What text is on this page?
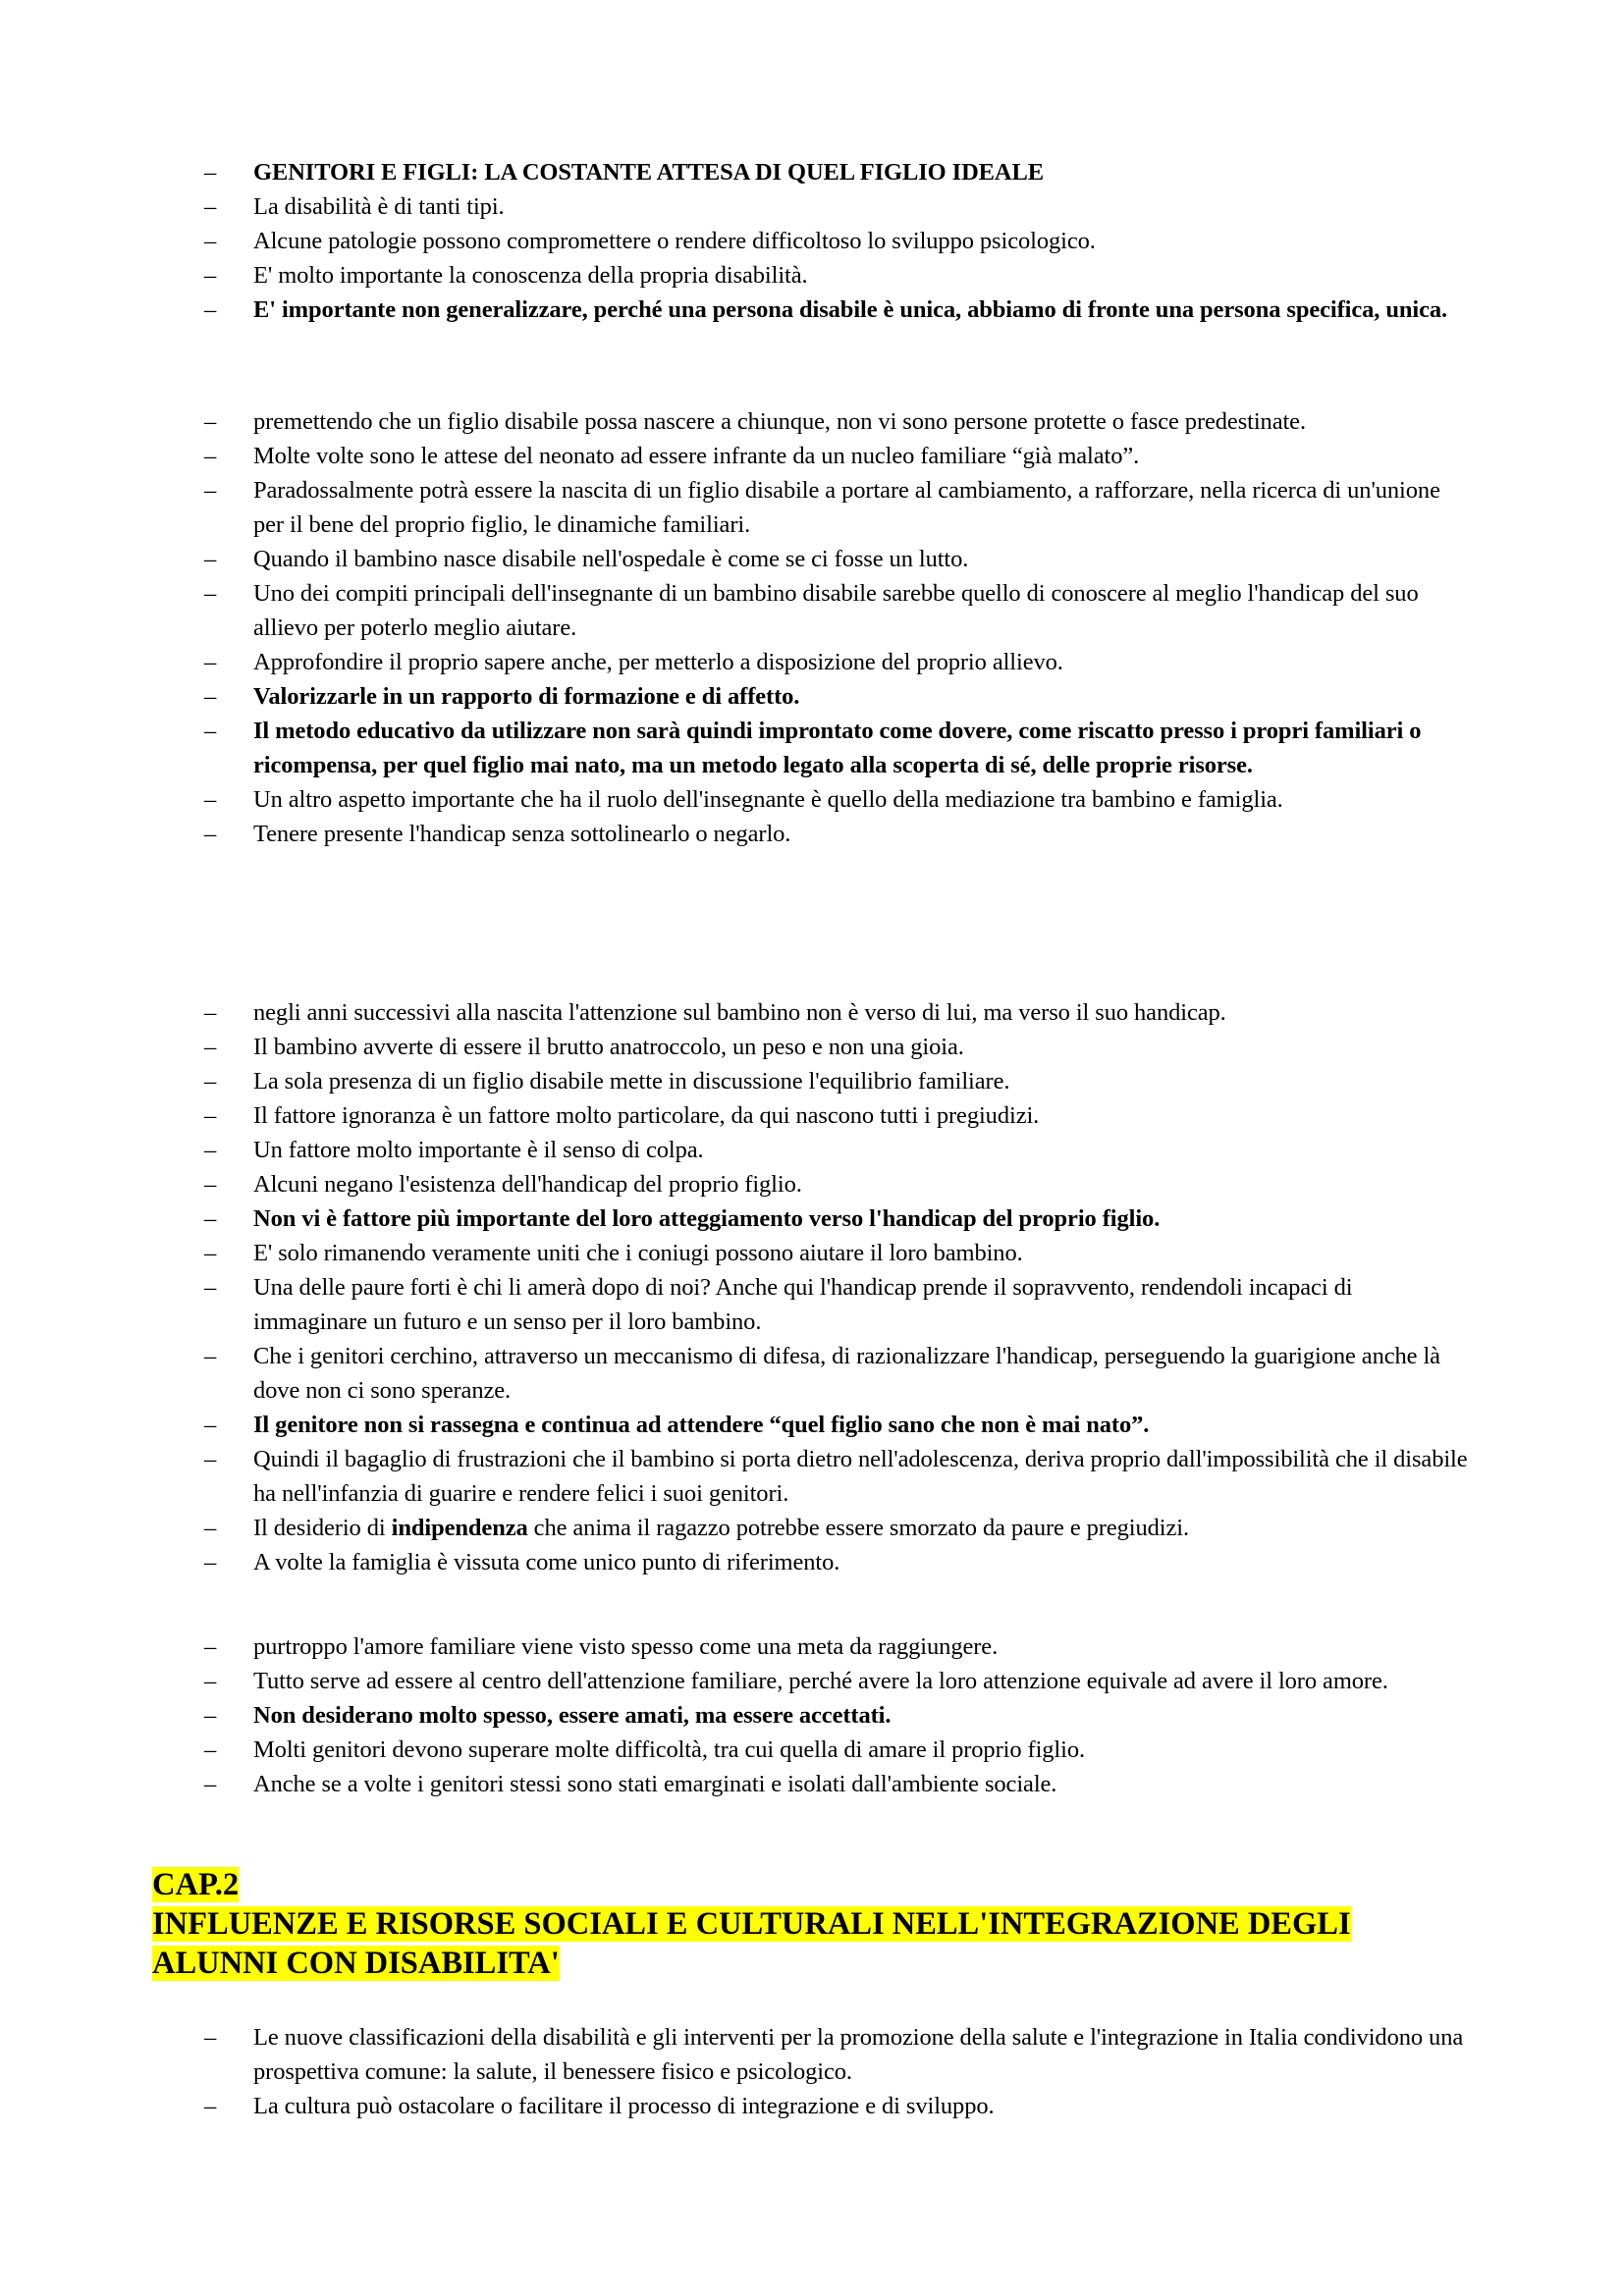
–	GENITORI E FIGLI: LA COSTANTE ATTESA DI QUEL FIGLIO IDEALE
–	La disabilità è di tanti tipi.
–	Alcune patologie possono compromettere o rendere difficoltoso lo sviluppo psicologico.
–	E' molto importante la conoscenza della propria disabilità.
–	E' importante non generalizzare, perché una persona disabile è unica, abbiamo di fronte una persona specifica, unica.
–	premettendo che un figlio disabile possa nascere a chiunque, non vi sono persone protette o fasce predestinate.
–	Molte volte sono le attese del neonato ad essere infrante da un nucleo familiare “già malato”.
–	Paradossalmente potrà essere la nascita di un figlio disabile a portare al cambiamento, a rafforzare, nella ricerca di un'unione per il bene del proprio figlio, le dinamiche familiari.
–	Quando il bambino nasce disabile nell'ospedale è come se ci fosse un lutto.
–	Uno dei compiti principali dell'insegnante di un bambino disabile sarebbe quello di conoscere al meglio l'handicap del suo allievo per poterlo meglio aiutare.
–	Approfondire il proprio sapere anche, per metterlo a disposizione del proprio allievo.
–	Valorizzarle in un rapporto di formazione e di affetto.
–	Il metodo educativo da utilizzare non sarà quindi improntato come dovere, come riscatto presso i propri familiari o ricompensa, per quel figlio mai nato, ma un metodo legato alla scoperta di sé, delle proprie risorse.
–	Un altro aspetto importante che ha il ruolo dell'insegnante è quello della mediazione tra bambino e famiglia.
–	Tenere presente l'handicap senza sottolinearlo o negarlo.
–	negli anni successivi alla nascita l'attenzione sul bambino non è verso di lui, ma verso il suo handicap.
–	Il bambino avverte di essere il brutto anatroccolo, un peso e non una gioia.
–	La sola presenza di un figlio disabile mette in discussione l'equilibrio familiare.
–	Il fattore ignoranza è un fattore molto particolare, da qui nascono tutti i pregiudizi.
–	Un fattore molto importante è il senso di colpa.
–	Alcuni negano l'esistenza dell'handicap del proprio figlio.
–	Non vi è fattore più importante del loro atteggiamento verso l'handicap del proprio figlio.
–	E' solo rimanendo veramente uniti che i coniugi possono aiutare il loro bambino.
–	Una delle paure forti è chi li amerà dopo di noi? Anche qui l'handicap prende il sopravvento, rendendoli incapaci di immaginare un futuro e un senso per il loro bambino.
–	Che i genitori cerchino, attraverso un meccanismo di difesa, di razionalizzare l'handicap, perseguendo la guarigione anche là dove non ci sono speranze.
–	Il genitore non si rassegna e continua ad attendere “quel figlio sano che non è mai nato”.
–	Quindi il bagaglio di frustrazioni che il bambino si porta dietro nell'adolescenza, deriva proprio dall'impossibilità che il disabile ha nell'infanzia di guarire e rendere felici i suoi genitori.
–	Il desiderio di indipendenza che anima il ragazzo potrebbe essere smorzato da paure e pregiudizi.
–	A volte la famiglia è vissuta come unico punto di riferimento.
–	purtroppo l'amore familiare viene visto spesso come una meta da raggiungere.
–	Tutto serve ad essere al centro dell'attenzione familiare, perché avere la loro attenzione equivale ad avere il loro amore.
–	Non desiderano molto spesso, essere amati, ma essere accettati.
–	Molti genitori devono superare molte difficoltà, tra cui quella di amare il proprio figlio.
–	Anche se a volte i genitori stessi sono stati emarginati e isolati dall'ambiente sociale.
CAP.2
INFLUENZE E RISORSE SOCIALI E CULTURALI NELL'INTEGRAZIONE DEGLI
ALUNNI CON DISABILITA'
–	Le nuove classificazioni della disabilità e gli interventi per la promozione della salute e l'integrazione in Italia condividono una prospettiva comune: la salute, il benessere fisico e psicologico.
–	La cultura può ostacolare o facilitare il processo di integrazione e di sviluppo.
